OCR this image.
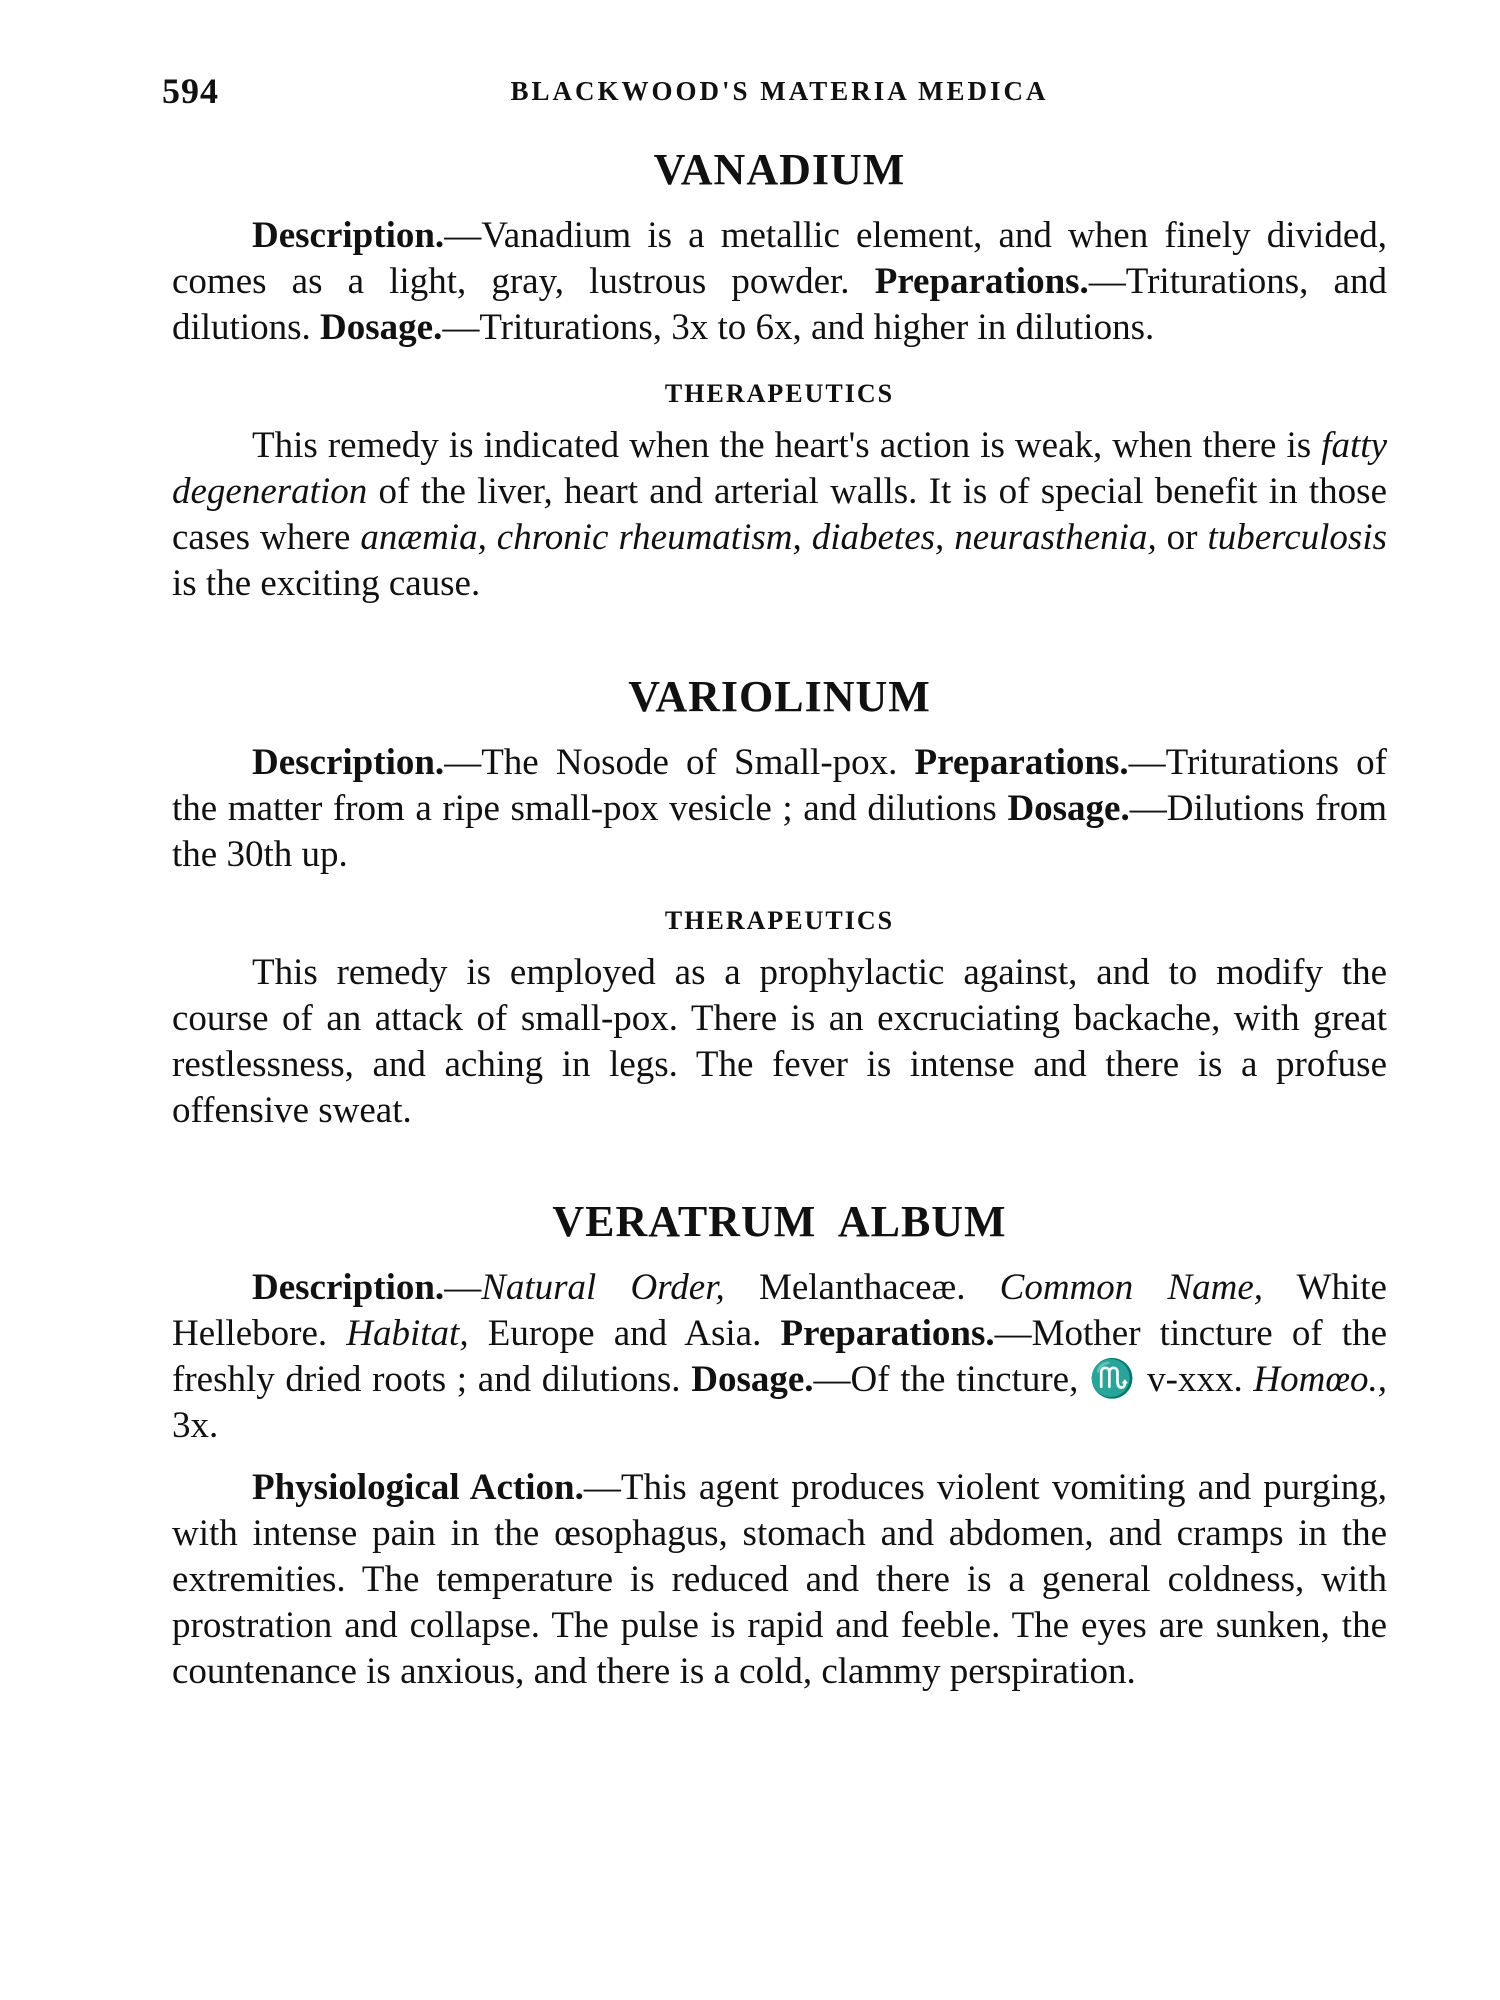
594	BLACKWOOD'S MATERIA MEDICA
VANADIUM

Description.—Vanadium is a metallic element, and when finely divided, comes as a light, gray, lustrous powder. Preparations.—Triturations, and dilutions. Dosage.—Triturations, 3x to 6x, and higher in dilutions.

THERAPEUTICS

This remedy is indicated when the heart's action is weak, when there is fatty degeneration of the liver, heart and arterial walls. It is of special benefit in those cases where anæmia, chronic rheumatism, diabetes, neurasthenia, or tuberculosis is the exciting cause.

VARIOLINUM

Description.—The Nosode of Small-pox. Preparations.—Triturations of the matter from a ripe small-pox vesicle ; and dilutions Dosage.—Dilutions from the 30th up.

THERAPEUTICS

This remedy is employed as a prophylactic against, and to modify the course of an attack of small-pox. There is an excruciating backache, with great restlessness, and aching in legs. The fever is intense and there is a profuse offensive sweat.

VERATRUM  ALBUM

Description.—Natural Order, Melanthaceæ. Common Name, White Hellebore. Habitat, Europe and Asia. Preparations.—Mother tincture of the freshly dried roots ; and dilutions. Dosage.—Of the tincture, ♏ v-xxx. Homœo., 3x.

Physiological Action.—This agent produces violent vomiting and purging, with intense pain in the œsophagus, stomach and abdomen, and cramps in the extremities. The temperature is reduced and there is a general coldness, with prostration and collapse. The pulse is rapid and feeble. The eyes are sunken, the countenance is anxious, and there is a cold, clammy perspiration.
